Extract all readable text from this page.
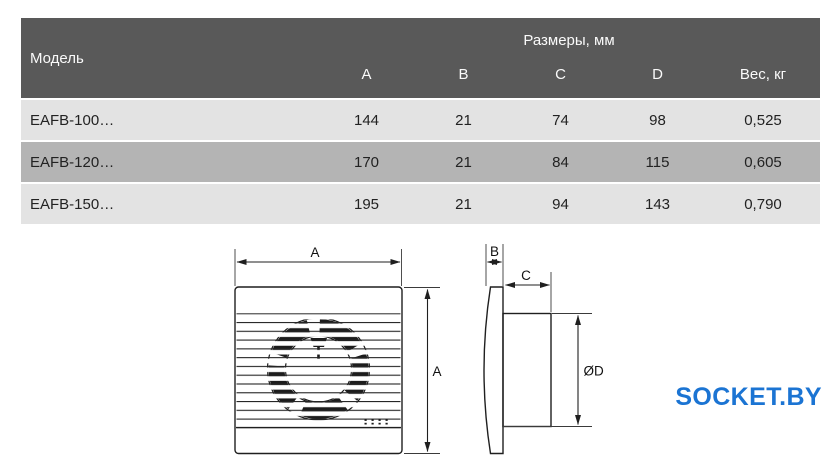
Модель
Размеры, мм
A	B	C	D	Вес, кг
EAFB-100…	144	21	74	98	0,525
EAFB-120…	170	21	84	115	0,605
EAFB-150…	195	21	94	143	0,790
A
A
B
C
ØD
SOCKET.BY
